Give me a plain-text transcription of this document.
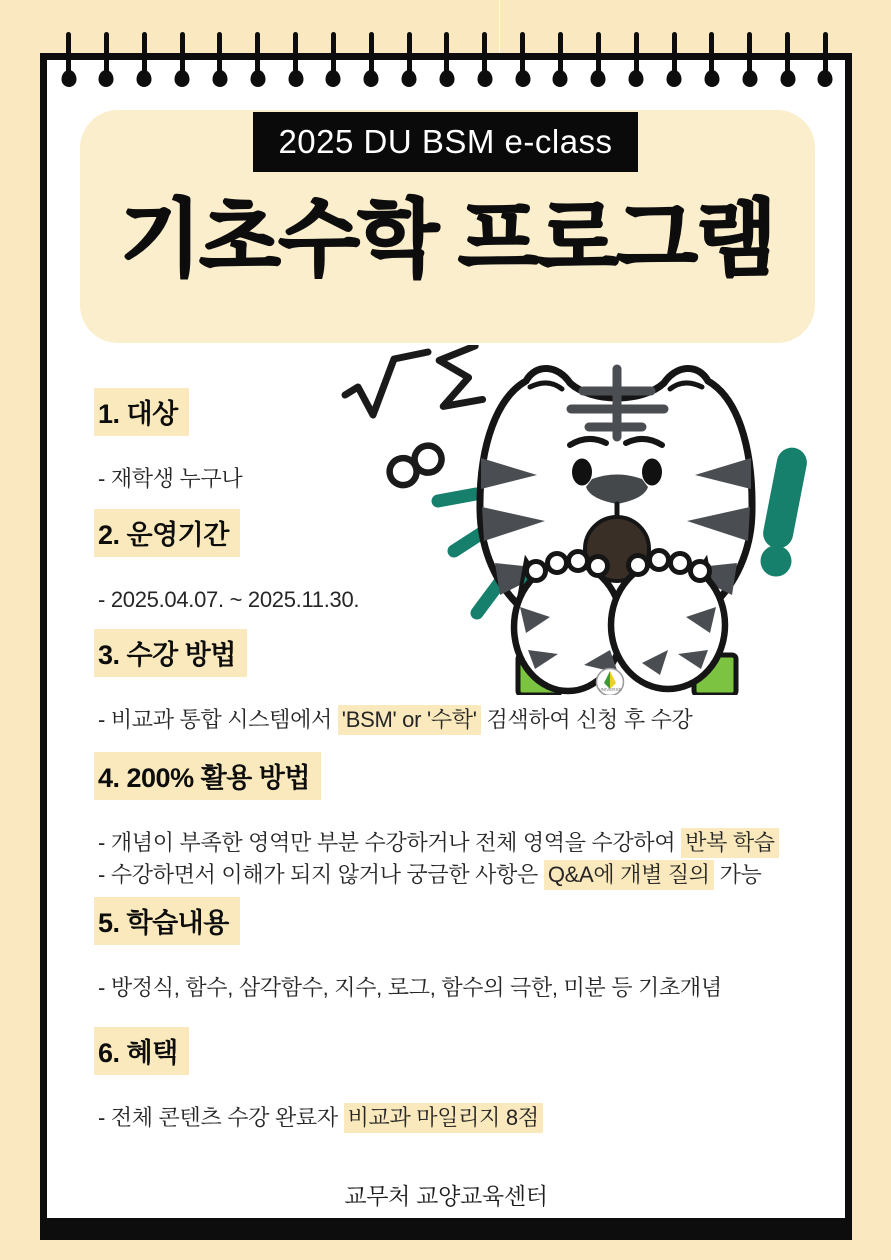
2025 DU BSM e-class
기초수학 프로그램
UNIVERSE
1. 대상
- 재학생 누구나
2. 운영기간
- 2025.04.07. ~ 2025.11.30.
3. 수강 방법
- 비교과 통합 시스템에서 'BSM' or '수학' 검색하여 신청 후 수강
4. 200% 활용 방법
- 개념이 부족한 영역만 부분 수강하거나 전체 영역을 수강하여 반복 학습
- 수강하면서 이해가 되지 않거나 궁금한 사항은 Q&A에 개별 질의 가능
5. 학습내용
- 방정식, 함수, 삼각함수, 지수, 로그, 함수의 극한, 미분 등 기초개념
6. 혜택
- 전체 콘텐츠 수강 완료자 비교과 마일리지 8점
교무처 교양교육센터
